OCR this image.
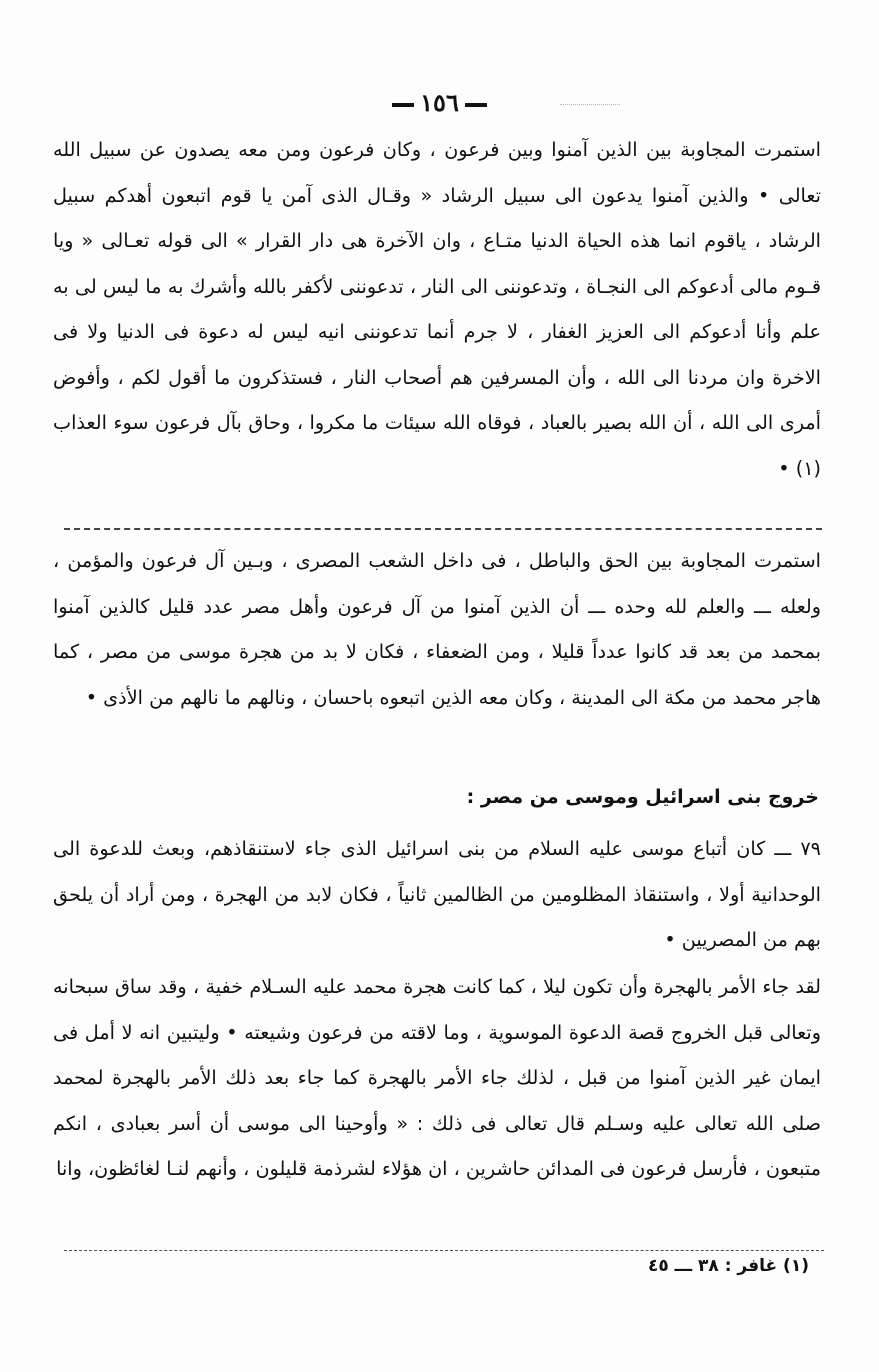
١٥٦

استمرت المجاوبة بين الذين آمنوا وبين فرعون ، وكان فرعون ومن معه يصدون عن سبيل الله تعالى • والذين آمنوا يدعون الى سبيل الرشاد « وقـال الذى آمن يا قوم اتبعون أهدكم سبيل الرشاد ، ياقوم انما هذه الحياة الدنيا متـاع ، وان الآخرة هى دار القرار » الى قوله تعـالى « ويا قـوم مالى أدعوكم الى النجـاة ، وتدعوننى الى النار ، تدعوننى لأكفر بالله وأشرك به ما ليس لى به علم وأنا أدعوكم الى العزيز الغفار ، لا جرم أنما تدعوننى انيه ليس له دعوة فى الدنيا ولا فى الاخرة وان مردنا الى الله ، وأن المسرفين هم أصحاب النار ، فستذكرون ما أقول لكم ، وأفوض أمرى الى الله ، أن الله بصير بالعباد ، فوقاه الله سيئات ما مكروا ، وحاق بآل فرعون سوء العذاب (١) •

استمرت المجاوبة بين الحق والباطل ، فى داخل الشعب المصرى ، وبـين آل فرعون والمؤمن ، ولعله ـــ والعلم لله وحده ـــ أن الذين آمنوا من آل فرعون وأهل مصر عدد قليل كالذين آمنوا بمحمد من بعد قد كانوا عدداً قليلا ، ومن الضعفاء ، فكان لا بد من هجرة موسى من مصر ، كما هاجر محمد من مكة الى المدينة ، وكان معه الذين اتبعوه باحسان ، ونالهم ما نالهم من الأذى •

خروج بنى اسرائيل وموسى من مصر :

٧٩ ـــ كان أتباع موسى عليه السلام من بنى اسرائيل الذى جاء لاستنقاذهم، وبعث للدعوة الى الوحدانية أولا ، واستنقاذ المظلومين من الظالمين ثانياً ، فكان لابد من الهجرة ، ومن أراد أن يلحق بهم من المصريين •

لقد جاء الأمر بالهجرة وأن تكون ليلا ، كما كانت هجرة محمد عليه السـلام خفية ، وقد ساق سبحانه وتعالى قبل الخروج قصة الدعوة الموسوية ، وما لاقته من فرعون وشيعته • وليتبين انه لا أمل فى ايمان غير الذين آمنوا من قبل ، لذلك جاء الأمر بالهجرة كما جاء بعد ذلك الأمر بالهجرة لمحمد صلى الله تعالى عليه وسـلم قال تعالى فى ذلك : « وأوحينا الى موسى أن أسر بعبادى ، انكم متبعون ، فأرسل فرعون فى المدائن حاشرين ، ان هؤلاء لشرذمة قليلون ، وأنهم لنـا لغائظون، وانا

(١) غافر : ٣٨ ـــ ٤٥
